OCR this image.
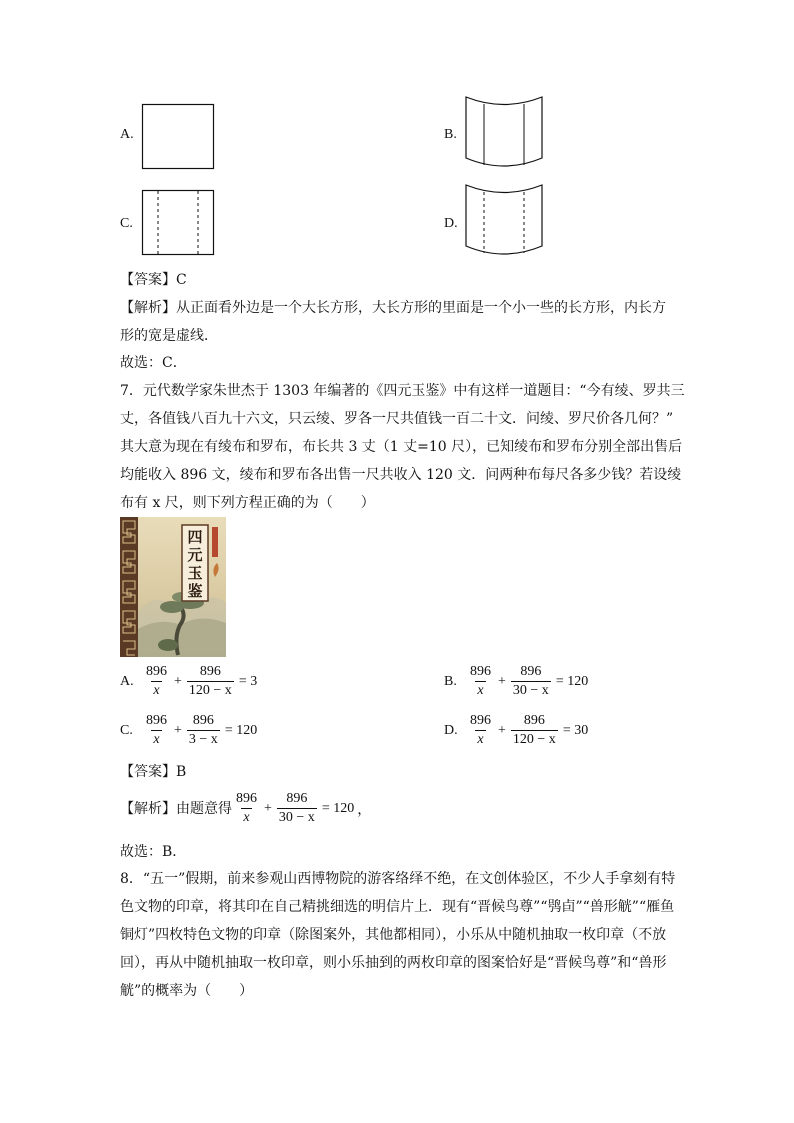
A.	B.
C.	D.
【答案】C
【解析】从正面看外边是一个大长方形，大长方形的里面是一个小一些的长方形，内长方
形的宽是虚线．
故选：C．
7．元代数学家朱世杰于 1303 年编著的《四元玉鉴》中有这样一道题目：“今有绫、罗共三
丈，各值钱八百九十六文，只云绫、罗各一尺共值钱一百二十文．问绫、罗尺价各几何？”
其大意为现在有绫布和罗布，布长共 3 丈（1 丈=10 尺），已知绫布和罗布分别全部出售后
均能收入 896 文，绫布和罗布各出售一尺共收入 120 文．问两种布每尺各多少钱？若设绫
布有 x 尺，则下列方程正确的为（　　）
四
元
玉
鉴
A. $\frac{896}{x} + \frac{896}{120 - x} = 3$	B. $\frac{896}{x} + \frac{896}{30 - x} = 120$
C. $\frac{896}{x} + \frac{896}{3 - x} = 120$	D. $\frac{896}{x} + \frac{896}{120 - x} = 30$
【答案】B
【解析】由题意得 $\frac{896}{x} + \frac{896}{30 - x} = 120$ ，
故选：B．
8．“五一”假期，前来参观山西博物院的游客络绎不绝，在文创体验区，不少人手拿刻有特
色文物的印章，将其印在自己精挑细选的明信片上．现有“晋候鸟尊”“鸮卣”“兽形觥”“雁鱼
铜灯”四枚特色文物的印章（除图案外，其他都相同），小乐从中随机抽取一枚印章（不放
回），再从中随机抽取一枚印章，则小乐抽到的两枚印章的图案恰好是“晋候鸟尊”和“兽形
觥”的概率为（　　）
